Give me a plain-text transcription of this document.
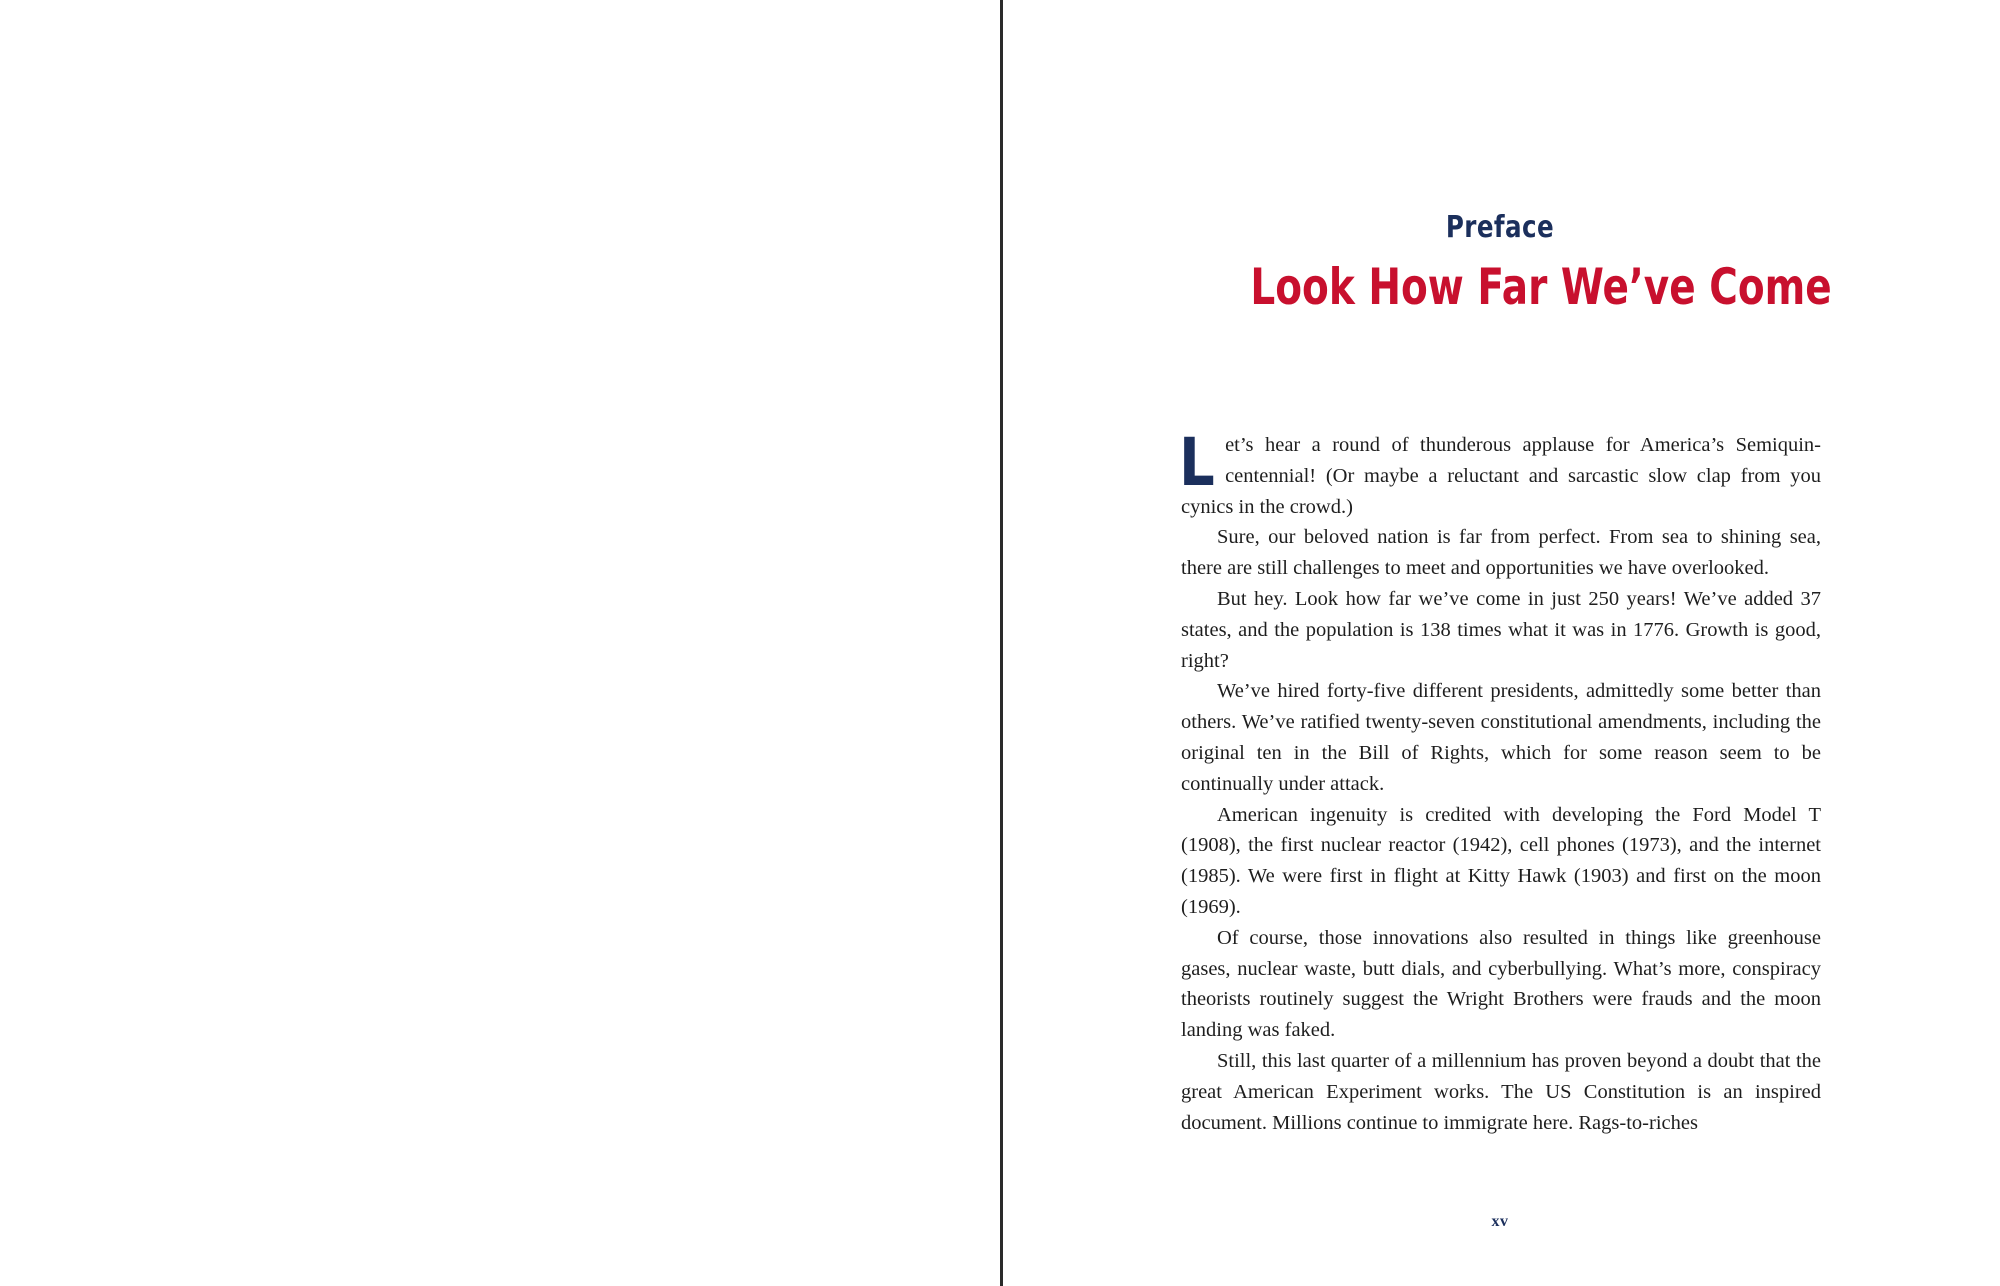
Preface
Look How Far We’ve Come

Let’s hear a round of thunderous applause for America’s Semiquincentennial! (Or maybe a reluctant and sarcastic slow clap from you cynics in the crowd.)

Sure, our beloved nation is far from perfect. From sea to shining sea, there are still challenges to meet and opportunities we have overlooked.

But hey. Look how far we’ve come in just 250 years! We’ve added 37 states, and the population is 138 times what it was in 1776. Growth is good, right?

We’ve hired forty-five different presidents, admittedly some better than others. We’ve ratified twenty-seven constitutional amendments, including the original ten in the Bill of Rights, which for some reason seem to be continually under attack.

American ingenuity is credited with developing the Ford Model T (1908), the first nuclear reactor (1942), cell phones (1973), and the internet (1985). We were first in flight at Kitty Hawk (1903) and first on the moon (1969).

Of course, those innovations also resulted in things like greenhouse gases, nuclear waste, butt dials, and cyberbullying. What’s more, conspiracy theorists routinely suggest the Wright Brothers were frauds and the moon landing was faked.

Still, this last quarter of a millennium has proven beyond a doubt that the great American Experiment works. The US Constitution is an inspired document. Millions continue to immigrate here. Rags-to-riches

xv
